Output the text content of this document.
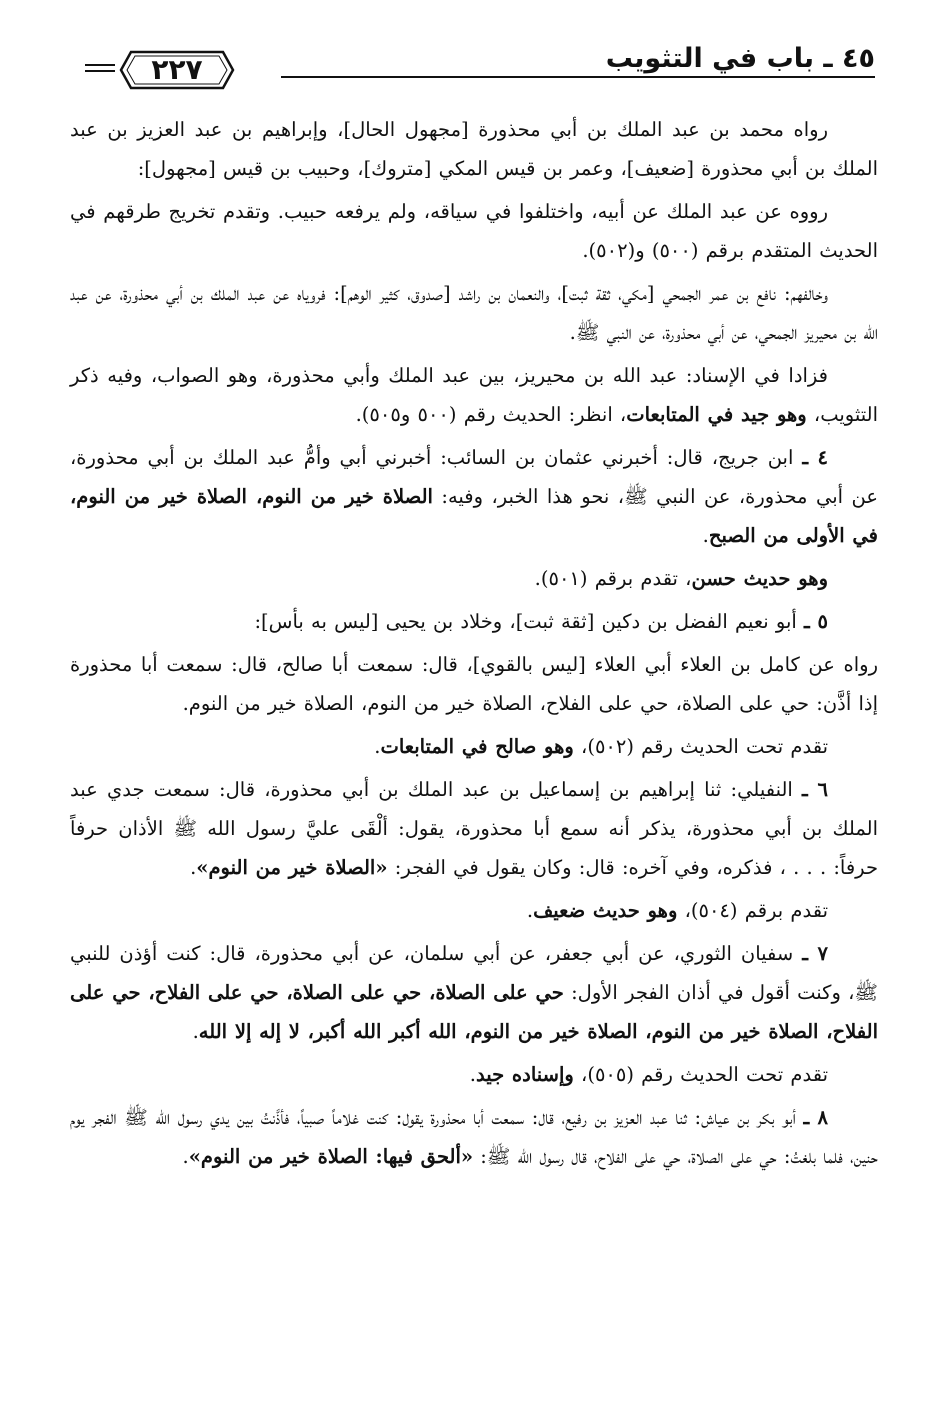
٤٥ ـ باب في التثويب
٢٢٧

رواه محمد بن عبد الملك بن أبي محذورة [مجهول الحال]، وإبراهيم بن عبد العزيز بن عبد الملك بن أبي محذورة [ضعيف]، وعمر بن قيس المكي [متروك]، وحبيب بن قيس [مجهول]:

رووه عن عبد الملك عن أبيه، واختلفوا في سياقه، ولم يرفعه حبيب. وتقدم تخريج طرقهم في الحديث المتقدم برقم (٥٠٠) و(٥٠٢).

وخالفهم: نافع بن عمر الجمحي [مكي، ثقة ثبت]، والنعمان بن راشد [صدوق، كثير الوهم]: فروياه عن عبد الملك بن أبي محذورة، عن عبد الله بن محيريز الجمحي، عن أبي محذورة، عن النبي ﷺ.

فزادا في الإسناد: عبد الله بن محيريز، بين عبد الملك وأبي محذورة، وهو الصواب، وفيه ذكر التثويب، وهو جيد في المتابعات، انظر: الحديث رقم (٥٠٠ و٥٠٥).

٤ ـ ابن جريج، قال: أخبرني عثمان بن السائب: أخبرني أبي وأمُّ عبد الملك بن أبي محذورة، عن أبي محذورة، عن النبي ﷺ، نحو هذا الخبر، وفيه: الصلاة خير من النوم، الصلاة خير من النوم، في الأولى من الصبح.

وهو حديث حسن، تقدم برقم (٥٠١).

٥ ـ أبو نعيم الفضل بن دكين [ثقة ثبت]، وخلاد بن يحيى [ليس به بأس]:

رواه عن كامل بن العلاء أبي العلاء [ليس بالقوي]، قال: سمعت أبا صالح، قال: سمعت أبا محذورة إذا أذَّن: حي على الصلاة، حي على الفلاح، الصلاة خير من النوم، الصلاة خير من النوم.

تقدم تحت الحديث رقم (٥٠٢)، وهو صالح في المتابعات.

٦ ـ النفيلي: ثنا إبراهيم بن إسماعيل بن عبد الملك بن أبي محذورة، قال: سمعت جدي عبد الملك بن أبي محذورة، يذكر أنه سمع أبا محذورة، يقول: ألْقَى عليَّ رسول الله ﷺ الأذان حرفاً حرفاً: . . . ، فذكره، وفي آخره: قال: وكان يقول في الفجر: «الصلاة خير من النوم».

تقدم برقم (٥٠٤)، وهو حديث ضعيف.

٧ ـ سفيان الثوري، عن أبي جعفر، عن أبي سلمان، عن أبي محذورة، قال: كنت أؤذن للنبي ﷺ، وكنت أقول في أذان الفجر الأول: حي على الصلاة، حي على الصلاة، حي على الفلاح، حي على الفلاح، الصلاة خير من النوم، الصلاة خير من النوم، الله أكبر الله أكبر، لا إله إلا الله.

تقدم تحت الحديث رقم (٥٠٥)، وإسناده جيد.

٨ ـ أبو بكر بن عياش: ثنا عبد العزيز بن رفيع، قال: سمعت أبا محذورة يقول: كنت غلاماً صبياً، فأذَّنتُ بين يدي رسول الله ﷺ الفجر يوم حنين، فلما بلغتُ: حي على الصلاة، حي على الفلاح، قال رسول الله ﷺ: «ألحق فيها: الصلاة خير من النوم».
